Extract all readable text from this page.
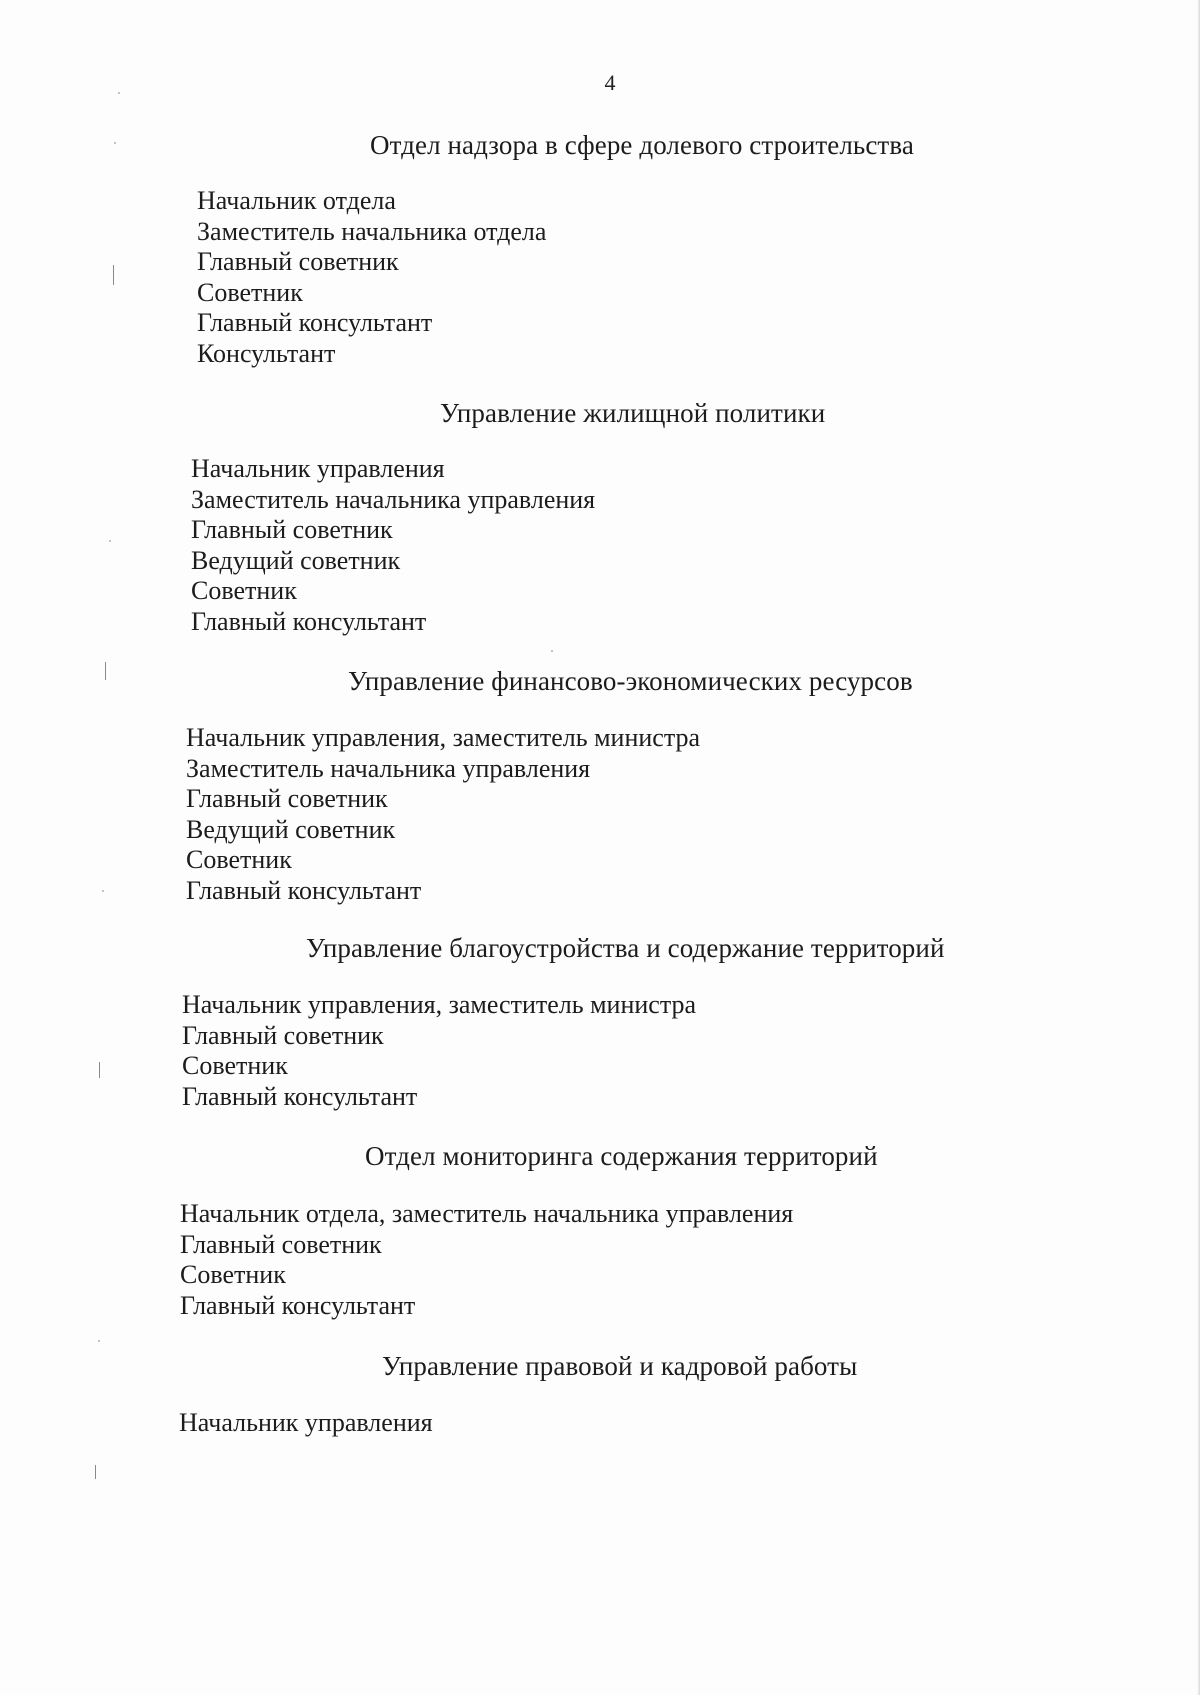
4
Отдел надзора в сфере долевого строительства
Начальник отдела
Заместитель начальника отдела
Главный советник
Советник
Главный консультант
Консультант
Управление жилищной политики
Начальник управления
Заместитель начальника управления
Главный советник
Ведущий советник
Советник
Главный консультант
Управление финансово-экономических ресурсов
Начальник управления, заместитель министра
Заместитель начальника управления
Главный советник
Ведущий советник
Советник
Главный консультант
Управление благоустройства и содержание территорий
Начальник управления, заместитель министра
Главный советник
Советник
Главный консультант
Отдел мониторинга содержания территорий
Начальник отдела, заместитель начальника управления
Главный советник
Советник
Главный консультант
Управление правовой и кадровой работы
Начальник управления
